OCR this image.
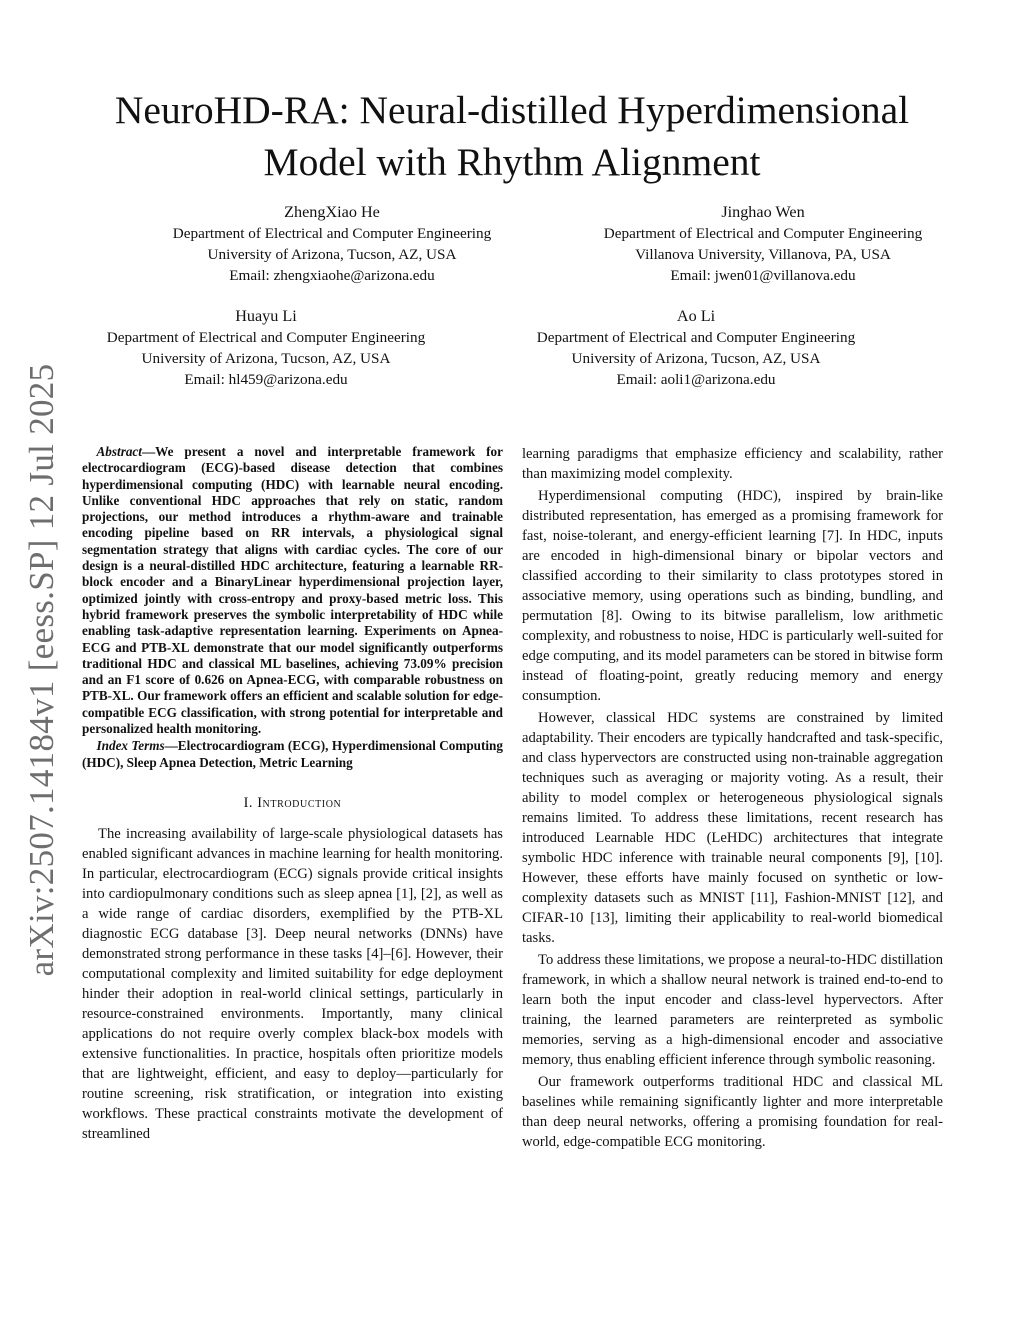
arXiv:2507.14184v1 [eess.SP] 12 Jul 2025
NeuroHD-RA: Neural-distilled Hyperdimensional Model with Rhythm Alignment
ZhengXiao He
Department of Electrical and Computer Engineering
University of Arizona, Tucson, AZ, USA
Email: zhengxiaohe@arizona.edu
Jinghao Wen
Department of Electrical and Computer Engineering
Villanova University, Villanova, PA, USA
Email: jwen01@villanova.edu
Huayu Li
Department of Electrical and Computer Engineering
University of Arizona, Tucson, AZ, USA
Email: hl459@arizona.edu
Ao Li
Department of Electrical and Computer Engineering
University of Arizona, Tucson, AZ, USA
Email: aoli1@arizona.edu
Abstract—We present a novel and interpretable framework for electrocardiogram (ECG)-based disease detection that combines hyperdimensional computing (HDC) with learnable neural encoding. Unlike conventional HDC approaches that rely on static, random projections, our method introduces a rhythm-aware and trainable encoding pipeline based on RR intervals, a physiological signal segmentation strategy that aligns with cardiac cycles. The core of our design is a neural-distilled HDC architecture, featuring a learnable RR-block encoder and a BinaryLinear hyperdimensional projection layer, optimized jointly with cross-entropy and proxy-based metric loss. This hybrid framework preserves the symbolic interpretability of HDC while enabling task-adaptive representation learning. Experiments on Apnea-ECG and PTB-XL demonstrate that our model significantly outperforms traditional HDC and classical ML baselines, achieving 73.09% precision and an F1 score of 0.626 on Apnea-ECG, with comparable robustness on PTB-XL. Our framework offers an efficient and scalable solution for edge-compatible ECG classification, with strong potential for interpretable and personalized health monitoring.
Index Terms—Electrocardiogram (ECG), Hyperdimensional Computing (HDC), Sleep Apnea Detection, Metric Learning
I. Introduction

The increasing availability of large-scale physiological datasets has enabled significant advances in machine learning for health monitoring. In particular, electrocardiogram (ECG) signals provide critical insights into cardiopulmonary conditions such as sleep apnea [1], [2], as well as a wide range of cardiac disorders, exemplified by the PTB-XL diagnostic ECG database [3]. Deep neural networks (DNNs) have demonstrated strong performance in these tasks [4]–[6]. However, their computational complexity and limited suitability for edge deployment hinder their adoption in real-world clinical settings, particularly in resource-constrained environments. Importantly, many clinical applications do not require overly complex black-box models with extensive functionalities. In practice, hospitals often prioritize models that are lightweight, efficient, and easy to deploy—particularly for routine screening, risk stratification, or integration into existing workflows. These practical constraints motivate the development of streamlined

learning paradigms that emphasize efficiency and scalability, rather than maximizing model complexity.

Hyperdimensional computing (HDC), inspired by brain-like distributed representation, has emerged as a promising framework for fast, noise-tolerant, and energy-efficient learning [7]. In HDC, inputs are encoded in high-dimensional binary or bipolar vectors and classified according to their similarity to class prototypes stored in associative memory, using operations such as binding, bundling, and permutation [8]. Owing to its bitwise parallelism, low arithmetic complexity, and robustness to noise, HDC is particularly well-suited for edge computing, and its model parameters can be stored in bitwise form instead of floating-point, greatly reducing memory and energy consumption.

However, classical HDC systems are constrained by limited adaptability. Their encoders are typically handcrafted and task-specific, and class hypervectors are constructed using non-trainable aggregation techniques such as averaging or majority voting. As a result, their ability to model complex or heterogeneous physiological signals remains limited. To address these limitations, recent research has introduced Learnable HDC (LeHDC) architectures that integrate symbolic HDC inference with trainable neural components [9], [10]. However, these efforts have mainly focused on synthetic or low-complexity datasets such as MNIST [11], Fashion-MNIST [12], and CIFAR-10 [13], limiting their applicability to real-world biomedical tasks.

To address these limitations, we propose a neural-to-HDC distillation framework, in which a shallow neural network is trained end-to-end to learn both the input encoder and class-level hypervectors. After training, the learned parameters are reinterpreted as symbolic memories, serving as a high-dimensional encoder and associative memory, thus enabling efficient inference through symbolic reasoning.

Our framework outperforms traditional HDC and classical ML baselines while remaining significantly lighter and more interpretable than deep neural networks, offering a promising foundation for real-world, edge-compatible ECG monitoring.
